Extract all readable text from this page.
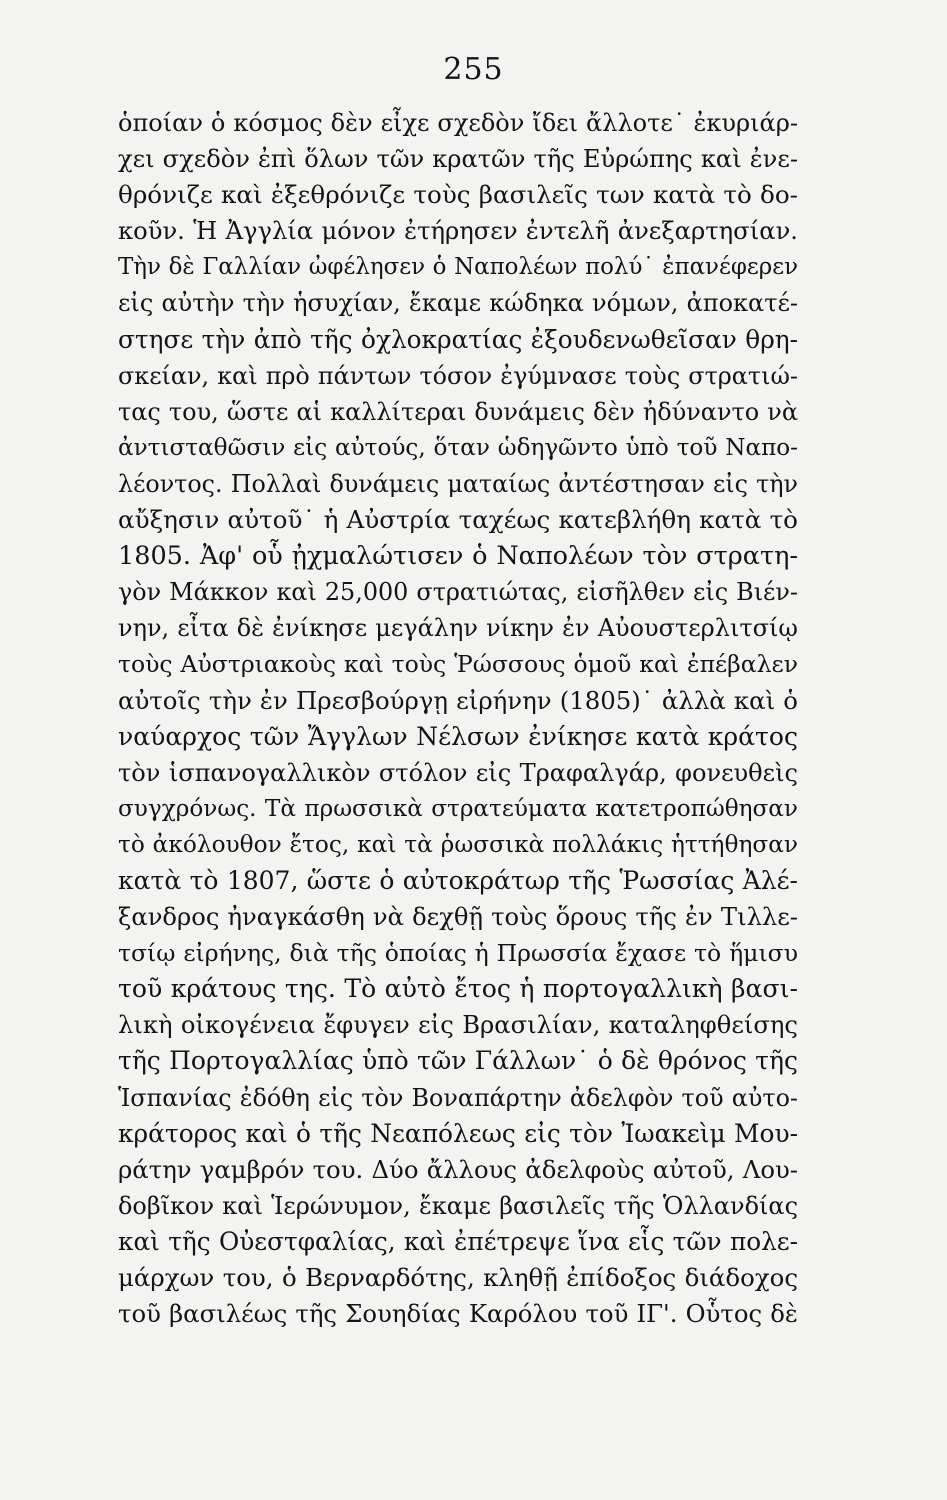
255
ὁποίαν ὁ κόσμος δὲν εἶχε σχεδὸν ἴδει ἄλλοτε˙ ἐκυριάρ-
χει σχεδὸν ἐπὶ ὅλων τῶν κρατῶν τῆς Εὐρώπης καὶ ἐνε-
θρόνιζε καὶ ἐξεθρόνιζε τοὺς βασιλεῖς των κατὰ τὸ δο-
κοῦν. Ἡ Ἀγγλία μόνον ἐτήρησεν ἐντελῆ ἀνεξαρτησίαν.
Τὴν δὲ Γαλλίαν ὠφέλησεν ὁ Ναπολέων πολύ˙ ἐπανέφερεν
εἰς αὐτὴν τὴν ἡσυχίαν, ἔκαμε κώδηκα νόμων, ἀποκατέ-
στησε τὴν ἀπὸ τῆς ὀχλοκρατίας ἐξουδενωθεῖσαν θρη-
σκείαν, καὶ πρὸ πάντων τόσον ἐγύμνασε τοὺς στρατιώ-
τας του, ὥστε αἱ καλλίτεραι δυνάμεις δὲν ἠδύναντο νὰ
ἀντισταθῶσιν εἰς αὐτούς, ὅταν ὡδηγῶντο ὑπὸ τοῦ Ναπο-
λέοντος. Πολλαὶ δυνάμεις ματαίως ἀντέστησαν εἰς τὴν
αὔξησιν αὐτοῦ˙ ἡ Αὐστρία ταχέως κατεβλήθη κατὰ τὸ
1805. Ἀφ' οὗ ᾐχμαλώτισεν ὁ Ναπολέων τὸν στρατη-
γὸν Μάκκον καὶ 25,000 στρατιώτας, εἰσῆλθεν εἰς Βιέν-
νην, εἶτα δὲ ἐνίκησε μεγάλην νίκην ἐν Αὐουστερλιτσίῳ
τοὺς Αὐστριακοὺς καὶ τοὺς Ῥώσσους ὁμοῦ καὶ ἐπέβαλεν
αὐτοῖς τὴν ἐν Πρεσβούργῃ εἰρήνην (1805)˙ ἀλλὰ καὶ ὁ
ναύαρχος τῶν Ἄγγλων Νέλσων ἐνίκησε κατὰ κράτος
τὸν ἱσπανογαλλικὸν στόλον εἰς Τραφαλγάρ, φονευθεὶς
συγχρόνως. Τὰ πρωσσικὰ στρατεύματα κατετροπώθησαν
τὸ ἀκόλουθον ἔτος, καὶ τὰ ῥωσσικὰ πολλάκις ἡττήθησαν
κατὰ τὸ 1807, ὥστε ὁ αὐτοκράτωρ τῆς Ῥωσσίας Ἀλέ-
ξανδρος ἠναγκάσθη νὰ δεχθῇ τοὺς ὅρους τῆς ἐν Τιλλε-
τσίῳ εἰρήνης, διὰ τῆς ὁποίας ἡ Πρωσσία ἔχασε τὸ ἥμισυ
τοῦ κράτους της. Τὸ αὐτὸ ἔτος ἡ πορτογαλλικὴ βασι-
λικὴ οἰκογένεια ἔφυγεν εἰς Βρασιλίαν, καταληφθείσης
τῆς Πορτογαλλίας ὑπὸ τῶν Γάλλων˙ ὁ δὲ θρόνος τῆς
Ἱσπανίας ἐδόθη εἰς τὸν Βοναπάρτην ἀδελφὸν τοῦ αὐτο-
κράτορος καὶ ὁ τῆς Νεαπόλεως εἰς τὸν Ἰωακεὶμ Μου-
ράτην γαμβρόν του. Δύο ἄλλους ἀδελφοὺς αὐτοῦ, Λου-
δοβῖκον καὶ Ἱερώνυμον, ἔκαμε βασιλεῖς τῆς Ὁλλανδίας
καὶ τῆς Οὐεστφαλίας, καὶ ἐπέτρεψε ἵνα εἷς τῶν πολε-
μάρχων του, ὁ Βερναρδότης, κληθῇ ἐπίδοξος διάδοχος
τοῦ βασιλέως τῆς Σουηδίας Καρόλου τοῦ ΙΓ'. Οὗτος δὲ
